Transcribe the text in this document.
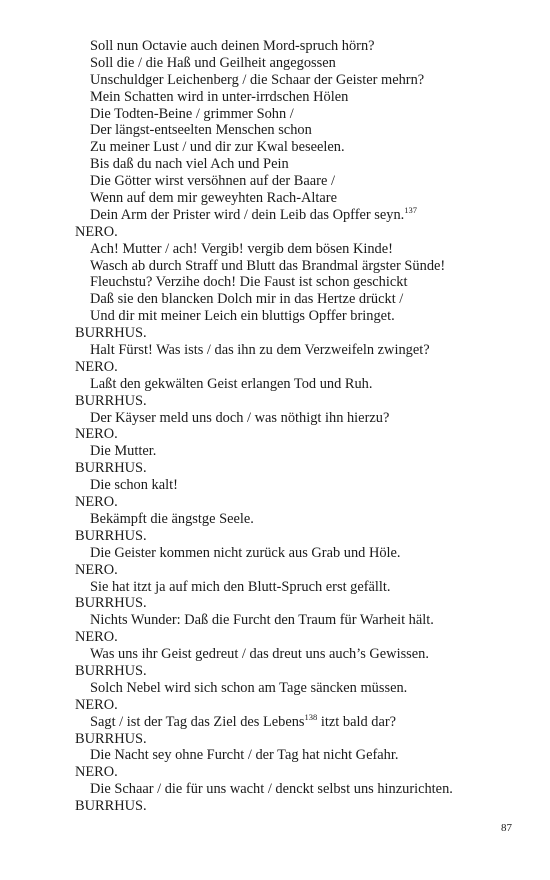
Soll nun Octavie auch deinen Mord-spruch hörn?
Soll die / die Haß und Geilheit angegossen
Unschuldger Leichenberg / die Schaar der Geister mehrn?
Mein Schatten wird in unter-irrdschen Hölen
Die Todten-Beine / grimmer Sohn /
Der längst-entseelten Menschen schon
Zu meiner Lust / und dir zur Kwal beseelen.
Bis daß du nach viel Ach und Pein
Die Götter wirst versöhnen auf der Baare /
Wenn auf dem mir geweyhten Rach-Altare
Dein Arm der Prister wird / dein Leib das Opffer seyn.$^{137}$
NERO.
Ach! Mutter / ach! Vergib! vergib dem bösen Kinde!
Wasch ab durch Straff und Blutt das Brandmal ärgster Sünde!
Fleuchstu? Verzihe doch! Die Faust ist schon geschickt
Daß sie den blancken Dolch mir in das Hertze drückt /
Und dir mit meiner Leich ein bluttigs Opffer bringet.
BURRHUS.
Halt Fürst! Was ists / das ihn zu dem Verzweifeln zwinget?
NERO.
Laßt den gekwälten Geist erlangen Tod und Ruh.
BURRHUS.
Der Käyser meld uns doch / was nöthigt ihn hierzu?
NERO.
Die Mutter.
BURRHUS.
Die schon kalt!
NERO.
Bekämpft die ängstge Seele.
BURRHUS.
Die Geister kommen nicht zurück aus Grab und Höle.
NERO.
Sie hat itzt ja auf mich den Blutt-Spruch erst gefällt.
BURRHUS.
Nichts Wunder: Daß die Furcht den Traum für Warheit hält.
NERO.
Was uns ihr Geist gedreut / das dreut uns auch’s Gewissen.
BURRHUS.
Solch Nebel wird sich schon am Tage säncken müssen.
NERO.
Sagt / ist der Tag das Ziel des Lebens$^{138}$ itzt bald dar?
BURRHUS.
Die Nacht sey ohne Furcht / der Tag hat nicht Gefahr.
NERO.
Die Schaar / die für uns wacht / denckt selbst uns hinzurichten.
BURRHUS.
87
